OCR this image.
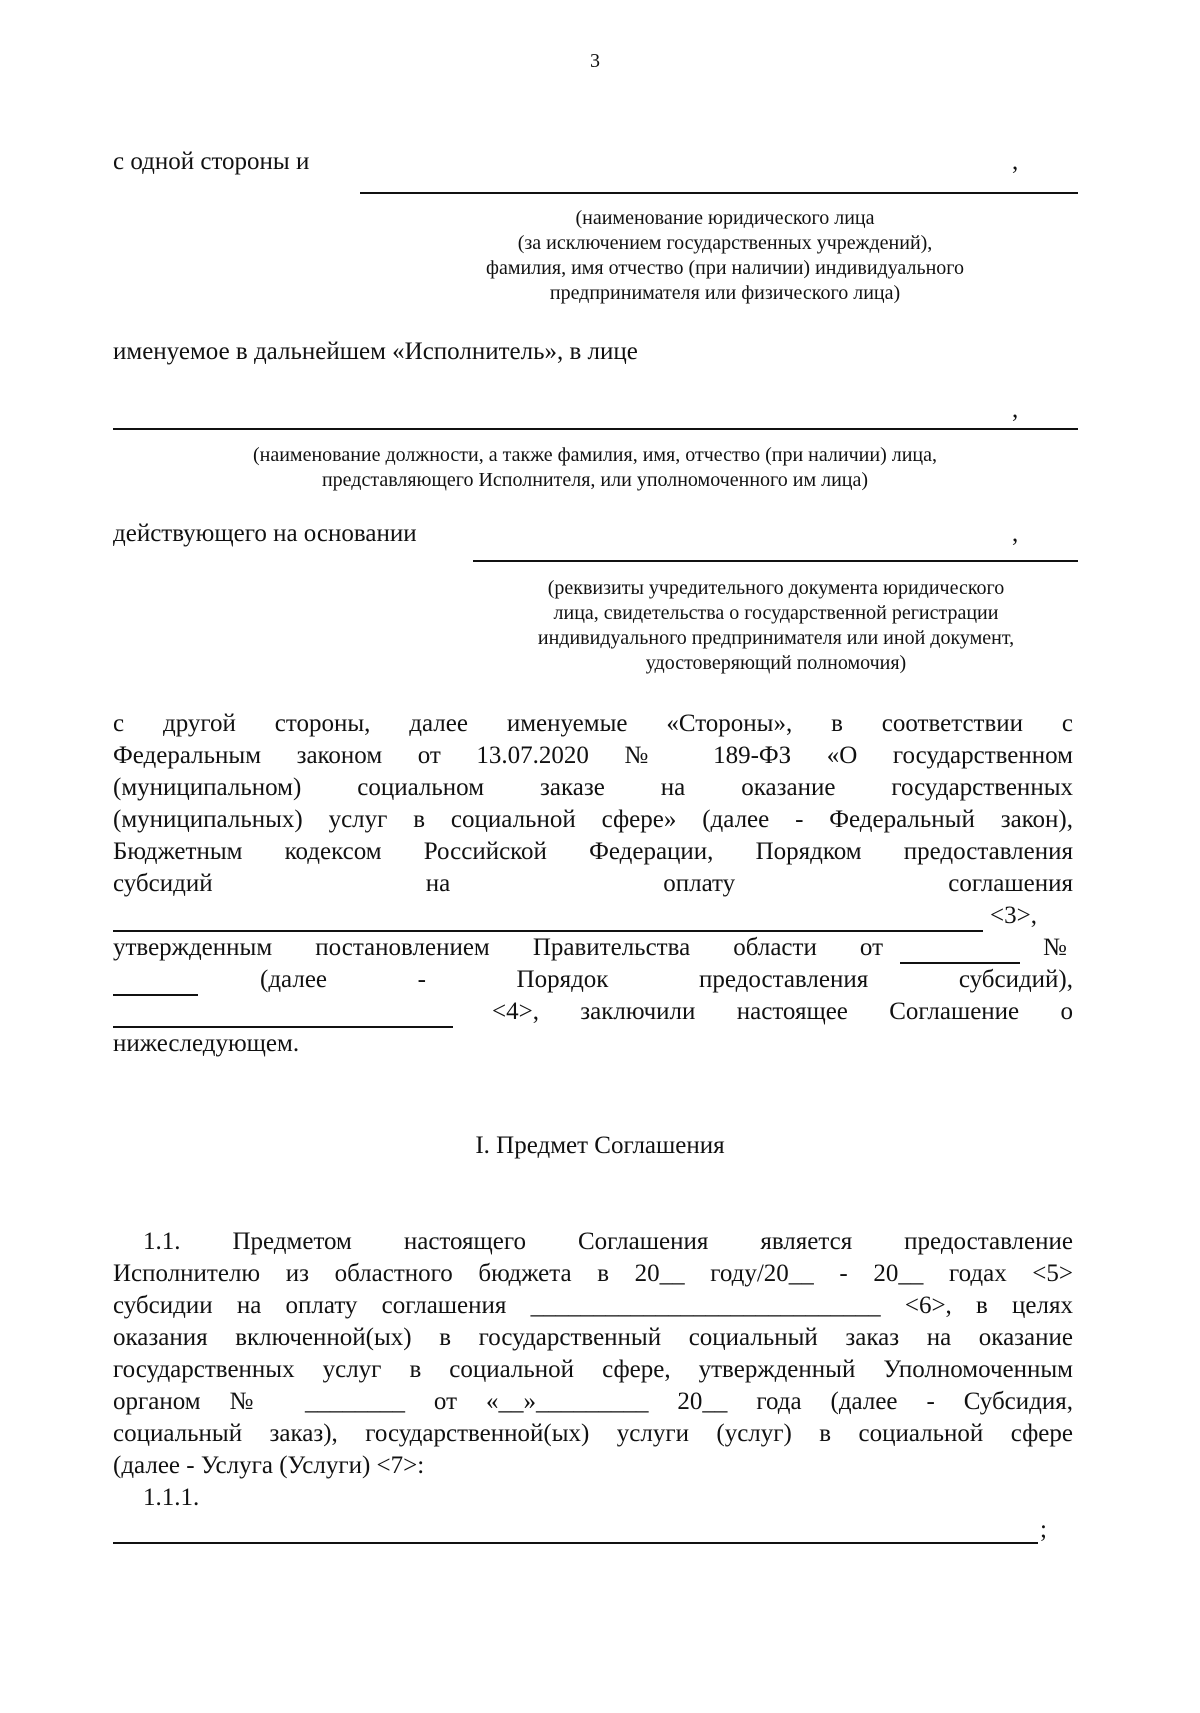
3
с одной стороны и	,
(наименование юридического лица
(за исключением государственных учреждений),
фамилия, имя отчество (при наличии) индивидуального
предпринимателя или физического лица)
именуемое в дальнейшем «Исполнитель», в лице
,
(наименование должности, а также фамилия, имя, отчество (при наличии) лица,
представляющего Исполнителя, или уполномоченного им лица)
действующего на основании	,
(реквизиты учредительного документа юридического
лица, свидетельства о государственной регистрации
индивидуального предпринимателя или иной документ,
удостоверяющий полномочия)
с другой стороны, далее именуемые «Стороны», в соответствии с
Федеральным законом от 13.07.2020 № 189-ФЗ «О государственном
(муниципальном) социальном заказе на оказание государственных
(муниципальных) услуг в социальной сфере» (далее - Федеральный закон),
Бюджетным кодексом Российской Федерации, Порядком предоставления
субсидий	на	оплату	соглашения
<3>,
утвержденным постановлением Правительства области от	№
(далее	-	Порядок	предоставления	субсидий),
<4>, заключили настоящее Соглашение о
нижеследующем.
I. Предмет Соглашения
1.1. Предметом настоящего Соглашения является предоставление
Исполнителю из областного бюджета в 20__ году/20__ - 20__ годах <5>
субсидии на оплату соглашения ____________________________ <6>, в целях
оказания включенной(ых) в государственный социальный заказ на оказание
государственных услуг в социальной сфере, утвержденный Уполномоченным
органом № ________ от «__»_________ 20__ года (далее - Субсидия,
социальный заказ), государственной(ых) услуги (услуг) в социальной сфере
(далее - Услуга (Услуги) <7>:
1.1.1.
;
